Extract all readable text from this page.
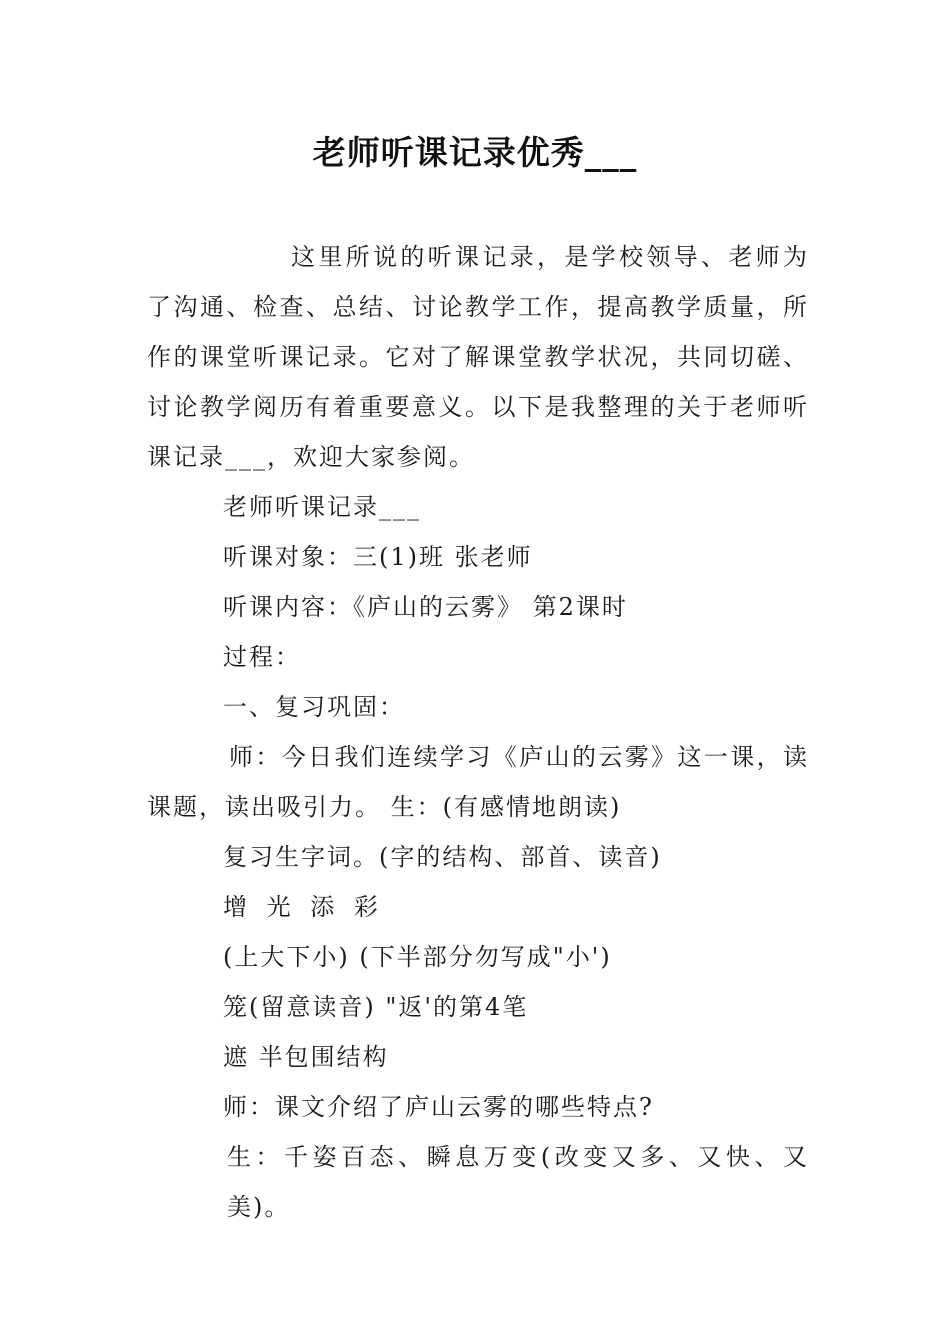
老师听课记录优秀___

这里所说的听课记录，是学校领导、老师为了沟通、检查、总结、讨论教学工作，提高教学质量，所作的课堂听课记录。它对了解课堂教学状况，共同切磋、讨论教学阅历有着重要意义。以下是我整理的关于老师听课记录___，欢迎大家参阅。

老师听课记录___

听课对象：三(1)班 张老师

听课内容：《庐山的云雾》 第2课时

过程：

一、复习巩固：

师：今日我们连续学习《庐山的云雾》这一课，读课题，读出吸引力。 生：(有感情地朗读)

复习生字词。(字的结构、部首、读音)

增 光 添 彩

(上大下小) (下半部分勿写成"小')

笼(留意读音) "返'的第4笔

遮 半包围结构

师：课文介绍了庐山云雾的哪些特点?

生：千姿百态、瞬息万变(改变又多、又快、又美)。
